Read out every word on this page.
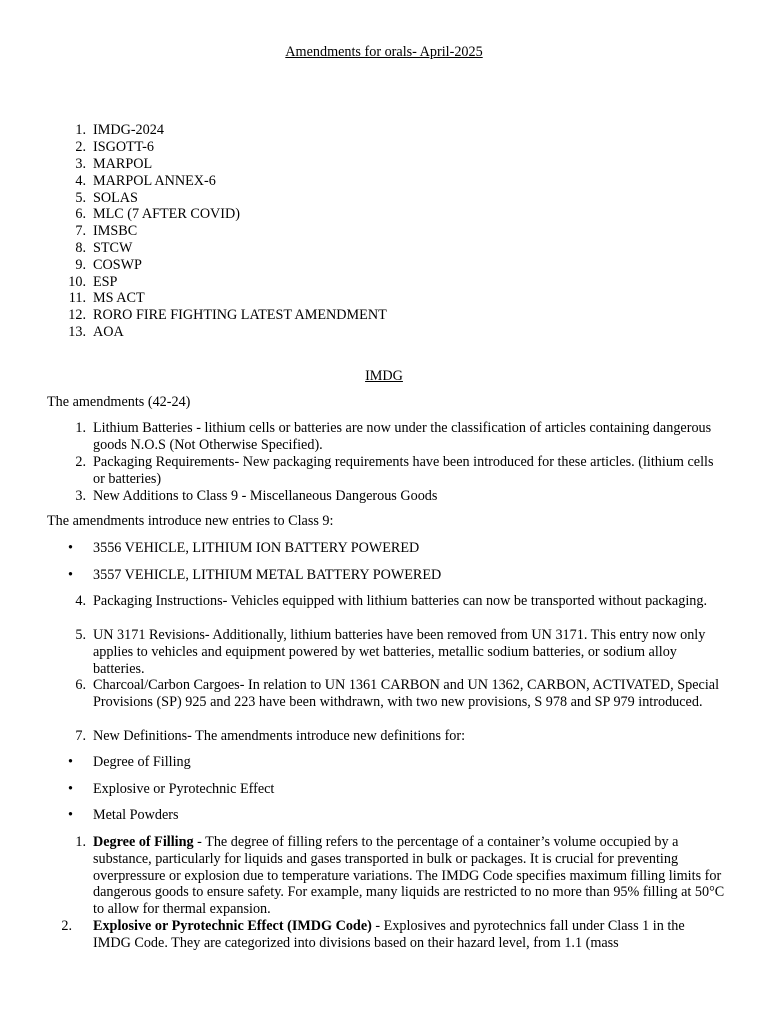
Amendments for orals- April-2025
1. IMDG-2024
2. ISGOTT-6
3. MARPOL
4. MARPOL ANNEX-6
5. SOLAS
6. MLC (7 AFTER COVID)
7. IMSBC
8. STCW
9. COSWP
10. ESP
11. MS ACT
12. RORO FIRE FIGHTING LATEST AMENDMENT
13. AOA
IMDG
The amendments (42-24)
1. Lithium Batteries - lithium cells or batteries are now under the classification of articles containing dangerous goods N.O.S (Not Otherwise Specified).
2. Packaging Requirements- New packaging requirements have been introduced for these articles. (lithium cells or batteries)
3. New Additions to Class 9 - Miscellaneous Dangerous Goods
The amendments introduce new entries to Class 9:
• 3556 VEHICLE, LITHIUM ION BATTERY POWERED
• 3557 VEHICLE, LITHIUM METAL BATTERY POWERED
4. Packaging Instructions- Vehicles equipped with lithium batteries can now be transported without packaging.
5. UN 3171 Revisions- Additionally, lithium batteries have been removed from UN 3171. This entry now only applies to vehicles and equipment powered by wet batteries, metallic sodium batteries, or sodium alloy batteries.
6. Charcoal/Carbon Cargoes- In relation to UN 1361 CARBON and UN 1362, CARBON, ACTIVATED, Special Provisions (SP) 925 and 223 have been withdrawn, with two new provisions, S 978 and SP 979 introduced.
7. New Definitions- The amendments introduce new definitions for:
• Degree of Filling
• Explosive or Pyrotechnic Effect
• Metal Powders
1. Degree of Filling - The degree of filling refers to the percentage of a container’s volume occupied by a substance, particularly for liquids and gases transported in bulk or packages. It is crucial for preventing overpressure or explosion due to temperature variations. The IMDG Code specifies maximum filling limits for dangerous goods to ensure safety. For example, many liquids are restricted to no more than 95% filling at 50°C to allow for thermal expansion.
2. Explosive or Pyrotechnic Effect (IMDG Code) - Explosives and pyrotechnics fall under Class 1 in the IMDG Code. They are categorized into divisions based on their hazard level, from 1.1 (mass
